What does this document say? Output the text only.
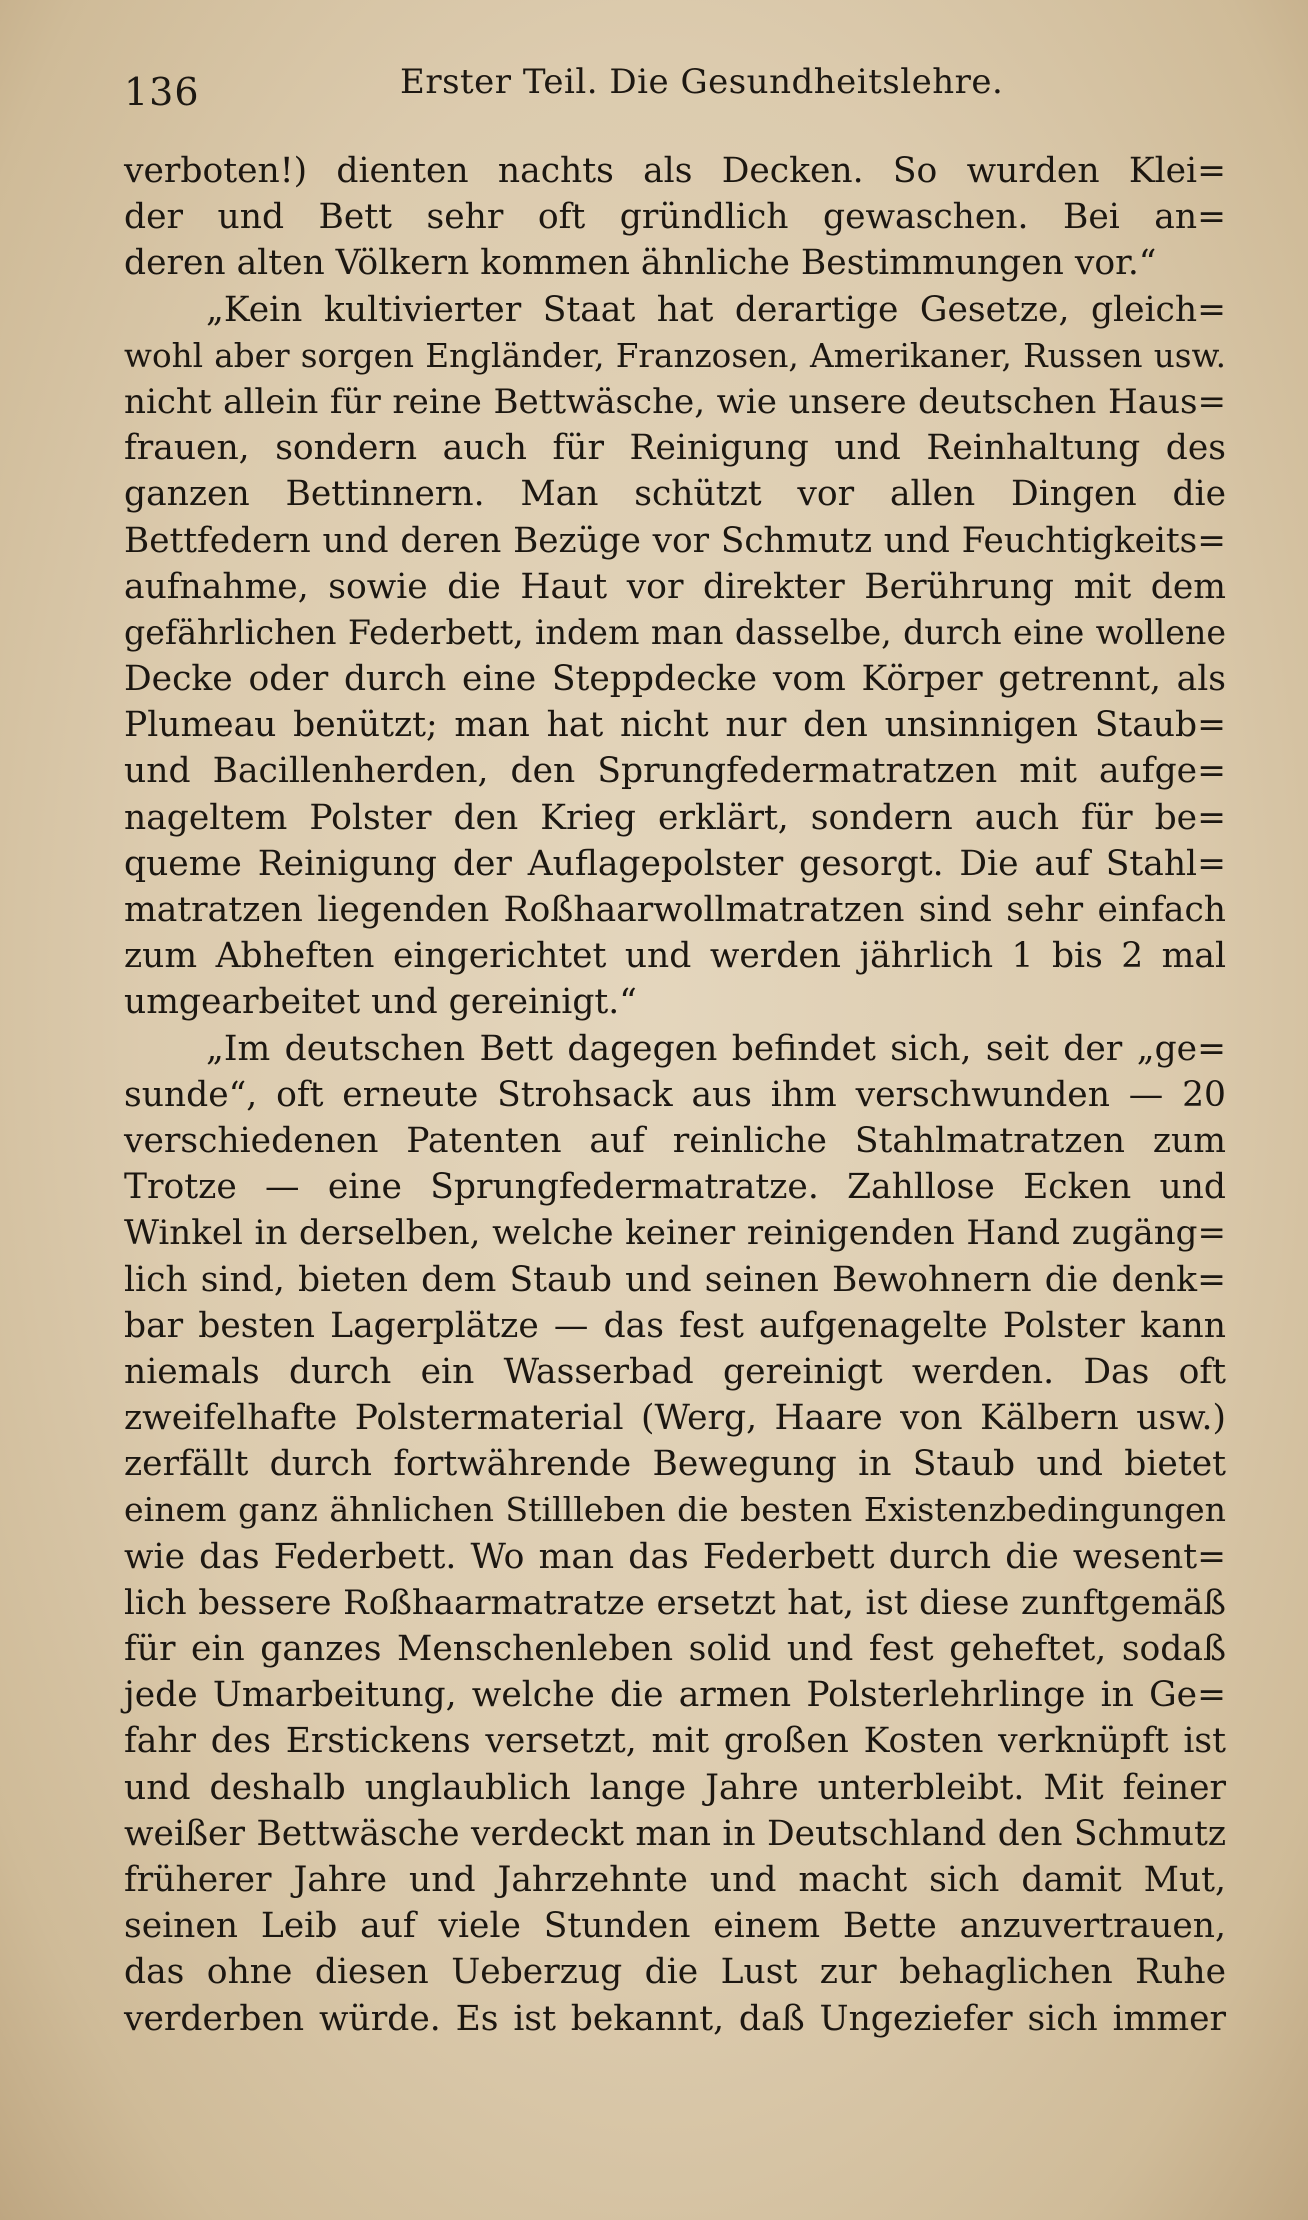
136	Erster Teil. Die Gesundheitslehre.
verboten!) dienten nachts als Decken. So wurden Klei=
der und Bett sehr oft gründlich gewaschen. Bei an=
deren alten Völkern kommen ähnliche Bestimmungen vor.“
„Kein kultivierter Staat hat derartige Gesetze, gleich=
wohl aber sorgen Engländer, Franzosen, Amerikaner, Russen usw.
nicht allein für reine Bettwäsche, wie unsere deutschen Haus=
frauen, sondern auch für Reinigung und Reinhaltung des
ganzen Bettinnern. Man schützt vor allen Dingen die
Bettfedern und deren Bezüge vor Schmutz und Feuchtigkeits=
aufnahme, sowie die Haut vor direkter Berührung mit dem
gefährlichen Federbett, indem man dasselbe, durch eine wollene
Decke oder durch eine Steppdecke vom Körper getrennt, als
Plumeau benützt; man hat nicht nur den unsinnigen Staub=
und Bacillenherden, den Sprungfedermatratzen mit aufge=
nageltem Polster den Krieg erklärt, sondern auch für be=
queme Reinigung der Auflagepolster gesorgt. Die auf Stahl=
matratzen liegenden Roßhaarwollmatratzen sind sehr einfach
zum Abheften eingerichtet und werden jährlich 1 bis 2 mal
umgearbeitet und gereinigt.“
„Im deutschen Bett dagegen befindet sich, seit der „ge=
sunde“, oft erneute Strohsack aus ihm verschwunden — 20
verschiedenen Patenten auf reinliche Stahlmatratzen zum
Trotze — eine Sprungfedermatratze. Zahllose Ecken und
Winkel in derselben, welche keiner reinigenden Hand zugäng=
lich sind, bieten dem Staub und seinen Bewohnern die denk=
bar besten Lagerplätze — das fest aufgenagelte Polster kann
niemals durch ein Wasserbad gereinigt werden. Das oft
zweifelhafte Polstermaterial (Werg, Haare von Kälbern usw.)
zerfällt durch fortwährende Bewegung in Staub und bietet
einem ganz ähnlichen Stillleben die besten Existenzbedingungen
wie das Federbett. Wo man das Federbett durch die wesent=
lich bessere Roßhaarmatratze ersetzt hat, ist diese zunftgemäß
für ein ganzes Menschenleben solid und fest geheftet, sodaß
jede Umarbeitung, welche die armen Polsterlehrlinge in Ge=
fahr des Erstickens versetzt, mit großen Kosten verknüpft ist
und deshalb unglaublich lange Jahre unterbleibt. Mit feiner
weißer Bettwäsche verdeckt man in Deutschland den Schmutz
früherer Jahre und Jahrzehnte und macht sich damit Mut,
seinen Leib auf viele Stunden einem Bette anzuvertrauen,
das ohne diesen Ueberzug die Lust zur behaglichen Ruhe
verderben würde. Es ist bekannt, daß Ungeziefer sich immer
